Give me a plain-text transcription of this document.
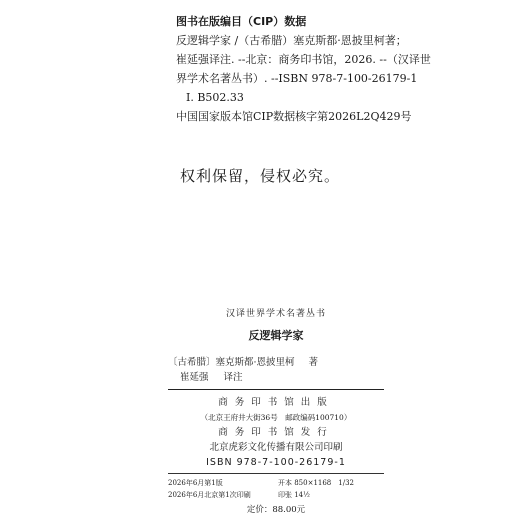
图书在版编目（CIP）数据
反逻辑学家 /（古希腊）塞克斯都·恩披里柯著；
崔延强译注. --北京：商务印书馆，2026. --（汉译世
界学术名著丛书）. --ISBN 978-7-100-26179-1
Ⅰ. B502.33
中国国家版本馆CIP数据核字第2026L2Q429号
权利保留，侵权必究。
汉译世界学术名著丛书
反逻辑学家
〔古希腊〕塞克斯都·恩披里柯 著
崔延强 译注
商务印书馆出版
（北京王府井大街36号　邮政编码100710）
商务印书馆发行
北京虎彩文化传播有限公司印刷
ISBN 978-7-100-26179-1
2026年6月第1版	开本 850×1168　1/32
2026年6月北京第1次印刷	印张 14½
定价：88.00元
